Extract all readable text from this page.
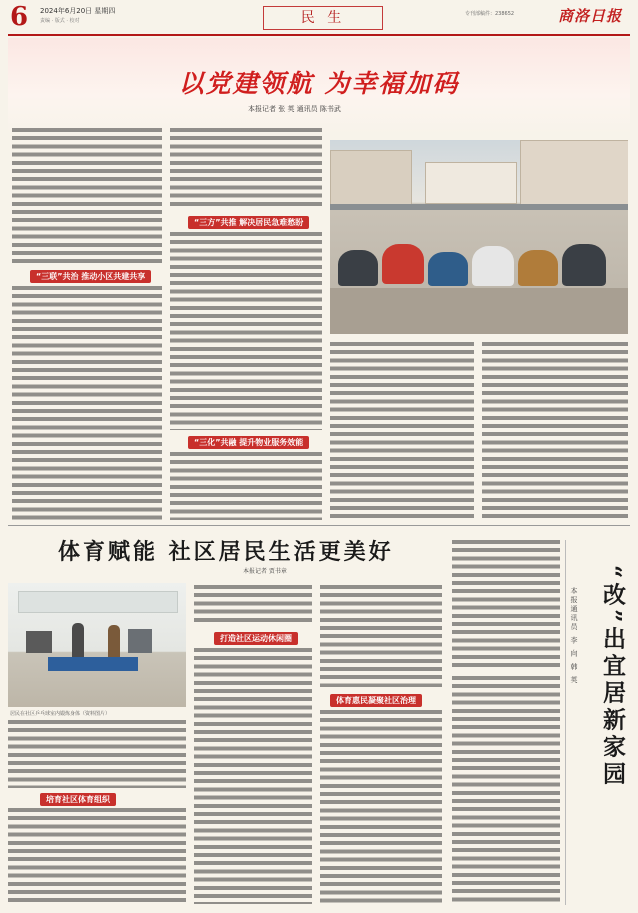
6 2024年6月20日 星期四
责编 · 版式 · 校对	民 生	专刊部稿件：238652	商洛日报
以党建领航 为幸福加码
本报记者 张 英 通讯员 陈书武
“三联”共治 推动小区共建共享
“三方”共推 解决居民急难愁盼
“三化”共融 提升物业服务效能
体育赋能 社区居民生活更美好
本报记者 贾书章
居民在社区乒乓球室内锻炼身体（资料图片）
培育社区体育组织
打造社区运动休闲圈
体育惠民凝聚社区治理
本报通讯员 李 向 韩 英 “改”出宜居新家园
